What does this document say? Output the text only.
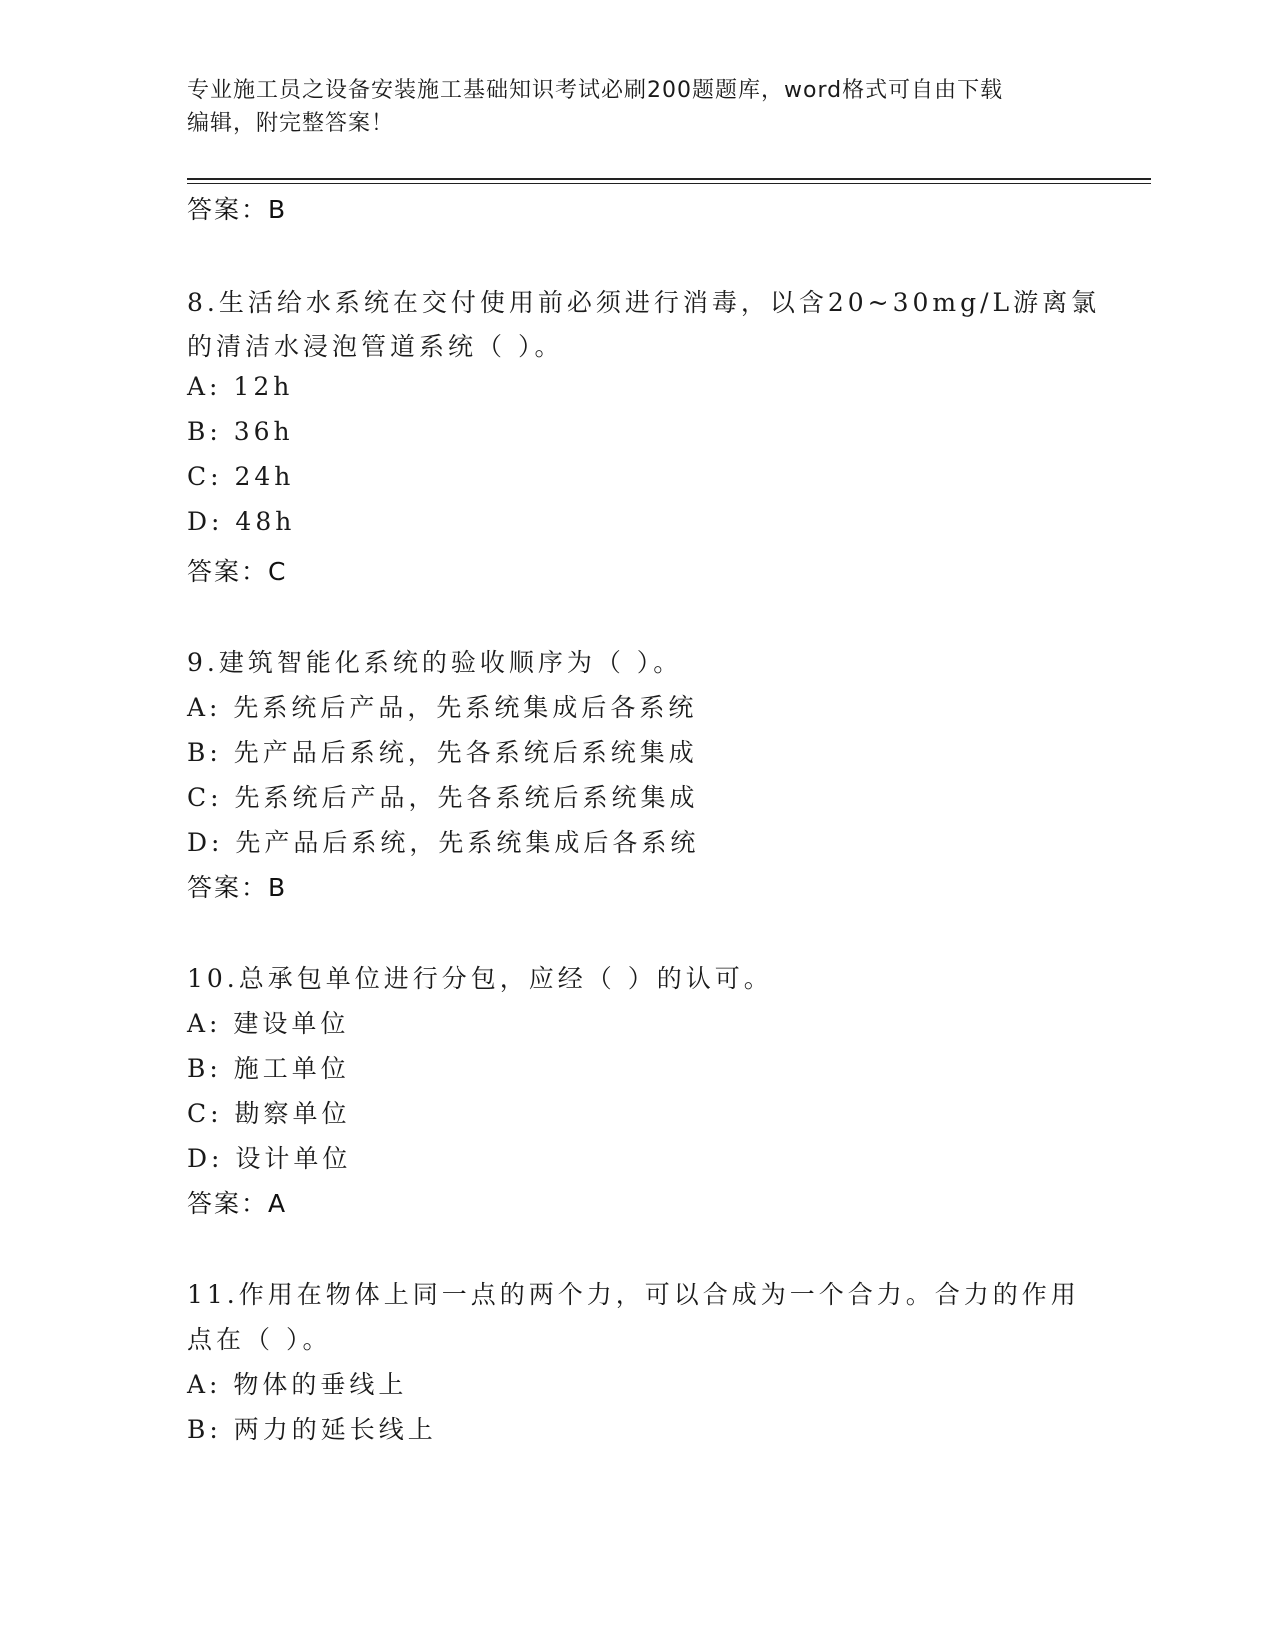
专业施工员之设备安装施工基础知识考试必刷200题题库，word格式可自由下载
编辑，附完整答案！
答案：B
8.生活给水系统在交付使用前必须进行消毒，以含20~30mg/L游离氯
的清洁水浸泡管道系统（ ）。
A: 12h
B: 36h
C: 24h
D: 48h
答案：C
9.建筑智能化系统的验收顺序为（ ）。
A: 先系统后产品，先系统集成后各系统
B: 先产品后系统，先各系统后系统集成
C: 先系统后产品，先各系统后系统集成
D: 先产品后系统，先系统集成后各系统
答案：B
10.总承包单位进行分包，应经（ ）的认可。
A: 建设单位
B: 施工单位
C: 勘察单位
D: 设计单位
答案：A
11.作用在物体上同一点的两个力，可以合成为一个合力。合力的作用
点在（ ）。
A: 物体的垂线上
B: 两力的延长线上
